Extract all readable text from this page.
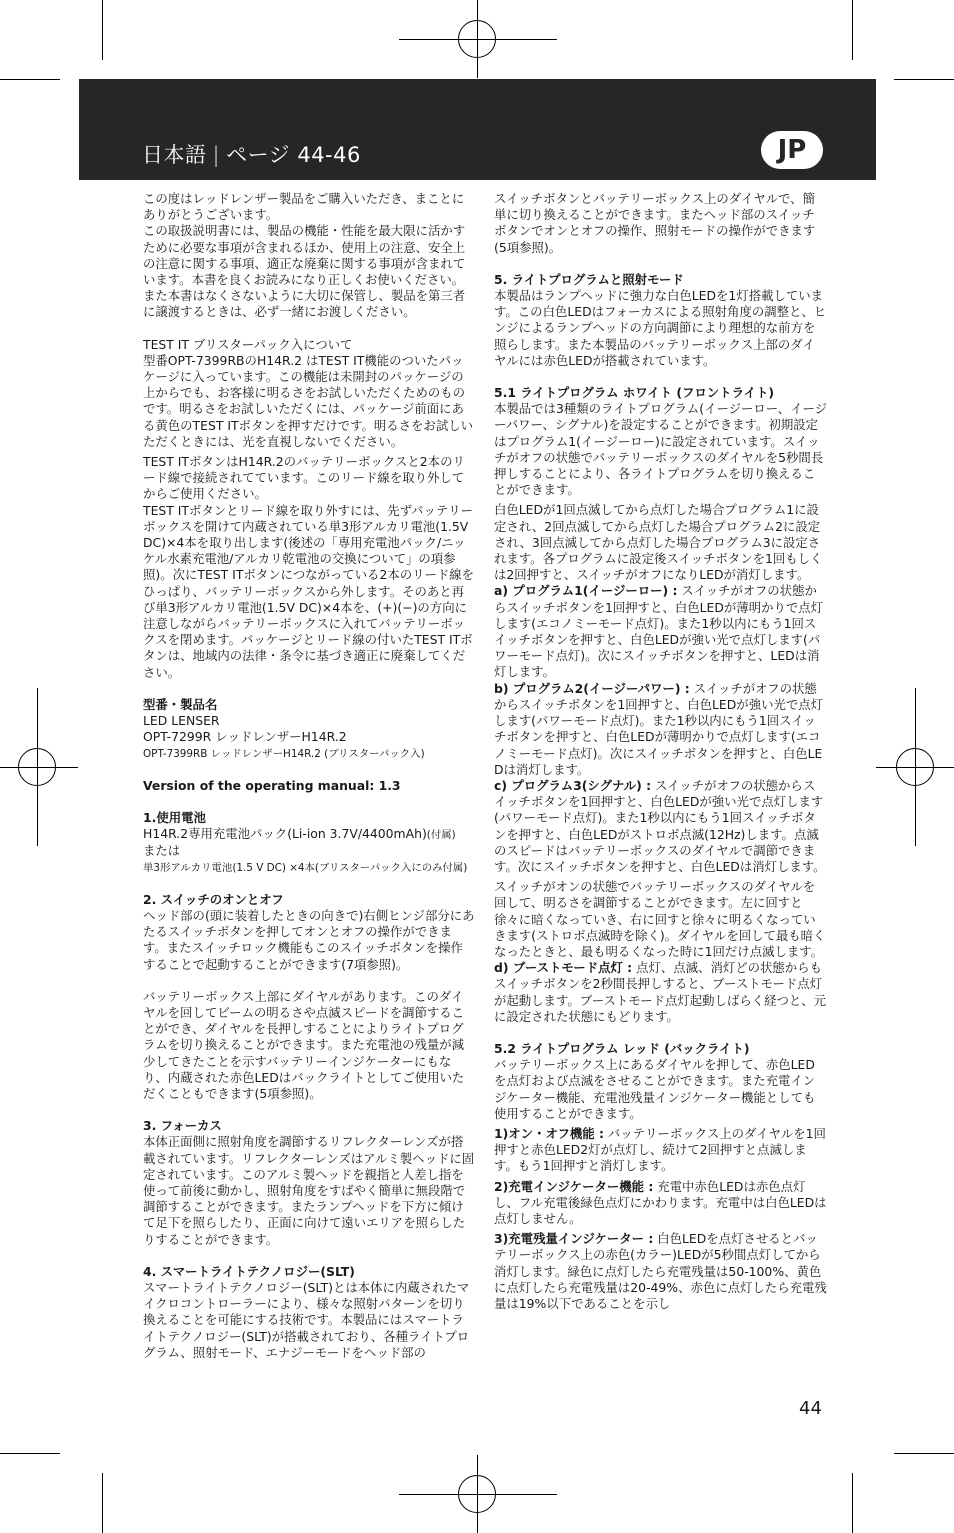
日本語 | ページ 44-46	JP

この度はレッドレンザー製品をご購入いただき、まことにありがとうございます。

この取扱説明書には、製品の機能・性能を最大限に活かすために必要な事項が含まれるほか、使用上の注意、安全上の注意に関する事項、適正な廃棄に関する事項が含まれています。本書を良くお読みになり正しくお使いください。また本書はなくさないように大切に保管し、製品を第三者に譲渡するときは、必ず一緒にお渡しください。

TEST IT ブリスターパック入について

型番OPT-7399RBのH14R.2 はTEST IT機能のついたパッケージに入っています。この機能は未開封のパッケージの上からでも、お客様に明るさをお試しいただくためのものです。明るさをお試しいただくには、パッケージ前面にある黄色のTEST ITボタンを押すだけです。明るさをお試しいただくときには、光を直視しないでください。

TEST ITボタンはH14R.2のバッテリーボックスと2本のリード線で接続されてています。このリード線を取り外してからご使用ください。

TEST ITボタンとリード線を取り外すには、先ずバッテリーボックスを開けて内蔵されている単3形アルカリ電池(1.5V DC)×4本を取り出します(後述の「専用充電池パック/ニッケル水素充電池/アルカリ乾電池の交換について」の項参照)。次にTEST ITボタンにつながっている2本のリード線をひっぱり、バッテリーボックスから外します。そのあと再び単3形アルカリ電池(1.5V DC)×4本を、(+)(−)の方向に注意しながらバッテリーボックスに入れてバッテリーボックスを閉めます。パッケージとリード線の付いたTEST ITボタンは、地域内の法律・条令に基づき適正に廃棄してください。

型番・製品名

LED LENSER

OPT-7299R レッドレンザーH14R.2

OPT-7399RB レッドレンザーH14R.2 (ブリスターパック入)

Version of the operating manual: 1.3
1.使用電池

H14R.2専用充電池パック(Li-ion 3.7V/4400mAh)(付属)

または

単3形アルカリ電池(1.5 V DC) ×4本(ブリスターパック入にのみ付属)

2. スイッチのオンとオフ

ヘッド部の(頭に装着したときの向きで)右側ヒンジ部分にあたるスイッチボタンを押してオンとオフの操作ができます。またスイッチロック機能もこのスイッチボタンを操作することで起動することができます(7項参照)。

バッテリーボックス上部にダイヤルがあります。このダイヤルを回してビームの明るさや点滅スピードを調節することができ、ダイヤルを長押しすることによりライトプログラムを切り換えることができます。また充電池の残量が減少してきたことを示すバッテリーインジケーターにもなり、内蔵された赤色LEDはバックライトとしてご使用いただくこともできます(5項参照)。

3. フォーカス

本体正面側に照射角度を調節するリフレクターレンズが搭載されています。リフレクターレンズはアルミ製ヘッドに固定されています。このアルミ製ヘッドを親指と人差し指を使って前後に動かし、照射角度をすばやく簡単に無段階で調節することができます。またランプヘッドを下方に傾けて足下を照らしたり、正面に向けて遠いエリアを照らしたりすることができます。

4. スマートライトテクノロジー(SLT)

スマートライトテクノロジー(SLT)とは本体に内蔵されたマイクロコントローラーにより、様々な照射パターンを切り換えることを可能にする技術です。本製品にはスマートライトテクノロジー(SLT)が搭載されており、各種ライトプログラム、照射モード、エナジーモードをヘッド部の

スイッチボタンとバッテリーボックス上のダイヤルで、簡単に切り換えることができます。またヘッド部のスイッチボタンでオンとオフの操作、照射モードの操作ができます(5項参照)。

5. ライトプログラムと照射モード

本製品はランプヘッドに強力な白色LEDを1灯搭載しています。この白色LEDはフォーカスによる照射角度の調整と、ヒンジによるランプヘッドの方向調節により理想的な前方を照らします。また本製品のバッテリーボックス上部のダイヤルには赤色LEDが搭載されています。

5.1 ライトプログラム ホワイト (フロントライト)

本製品では3種類のライトプログラム(イージーロー、イージーパワー、シグナル)を設定することができます。初期設定はプログラム1(イージーロー)に設定されています。スイッチがオフの状態でバッテリーボックスのダイヤルを5秒間長押しすることにより、各ライトプログラムを切り換えることができます。

白色LEDが1回点滅してから点灯した場合プログラム1に設定され、2回点滅してから点灯した場合プログラム2に設定され、3回点滅してから点灯した場合プログラム3に設定されます。各プログラムに設定後スイッチボタンを1回もしくは2回押すと、スイッチがオフになりLEDが消灯します。

a) プログラム1(イージーロー) : スイッチがオフの状態からスイッチボタンを1回押すと、白色LEDが薄明かりで点灯します(エコノミーモード点灯)。また1秒以内にもう1回スイッチボタンを押すと、白色LEDが強い光で点灯します(パワーモード点灯)。次にスイッチボタンを押すと、LEDは消灯します。

b) プログラム2(イージーパワー) : スイッチがオフの状態からスイッチボタンを1回押すと、白色LEDが強い光で点灯します(パワーモード点灯)。また1秒以内にもう1回スイッチボタンを押すと、白色LEDが薄明かりで点灯します(エコノミーモード点灯)。次にスイッチボタンを押すと、白色LEDは消灯します。

c) プログラム3(シグナル) : スイッチがオフの状態からスイッチボタンを1回押すと、白色LEDが強い光で点灯します(パワーモード点灯)。また1秒以内にもう1回スイッチボタンを押すと、白色LEDがストロボ点滅(12Hz)します。点滅のスピードはバッテリーボックスのダイヤルで調節できます。次にスイッチボタンを押すと、白色LEDは消灯します。

スイッチがオンの状態でバッテリーボックスのダイヤルを回して、明るさを調節することができます。左に回すと徐々に暗くなっていき、右に回すと徐々に明るくなっていきます(ストロボ点滅時を除く)。ダイヤルを回して最も暗くなったときと、最も明るくなった時に1回だけ点滅します。

d) ブーストモード点灯 : 点灯、点滅、消灯どの状態からもスイッチボタンを2秒間長押しすると、ブーストモード点灯が起動します。ブーストモード点灯起動しばらく経つと、元に設定された状態にもどります。

5.2 ライトプログラム レッド (バックライト)

バッテリーボックス上にあるダイヤルを押して、赤色LEDを点灯および点滅をさせることができます。また充電インジケーター機能、充電池残量インジケーター機能としても使用することができます。

1)オン・オフ機能 : バッテリーボックス上のダイヤルを1回押すと赤色LED2灯が点灯し、続けて2回押すと点滅します。もう1回押すと消灯します。

2)充電インジケーター機能 : 充電中赤色LEDは赤色点灯し、フル充電後緑色点灯にかわります。充電中は白色LEDは点灯しません。

3)充電残量インジケーター : 白色LEDを点灯させるとバッテリーボックス上の赤色(カラー)LEDが5秒間点灯してから消灯します。緑色に点灯したら充電残量は50-100%、黄色に点灯したら充電残量は20-49%、赤色に点灯したら充電残量は19%以下であることを示し

44
